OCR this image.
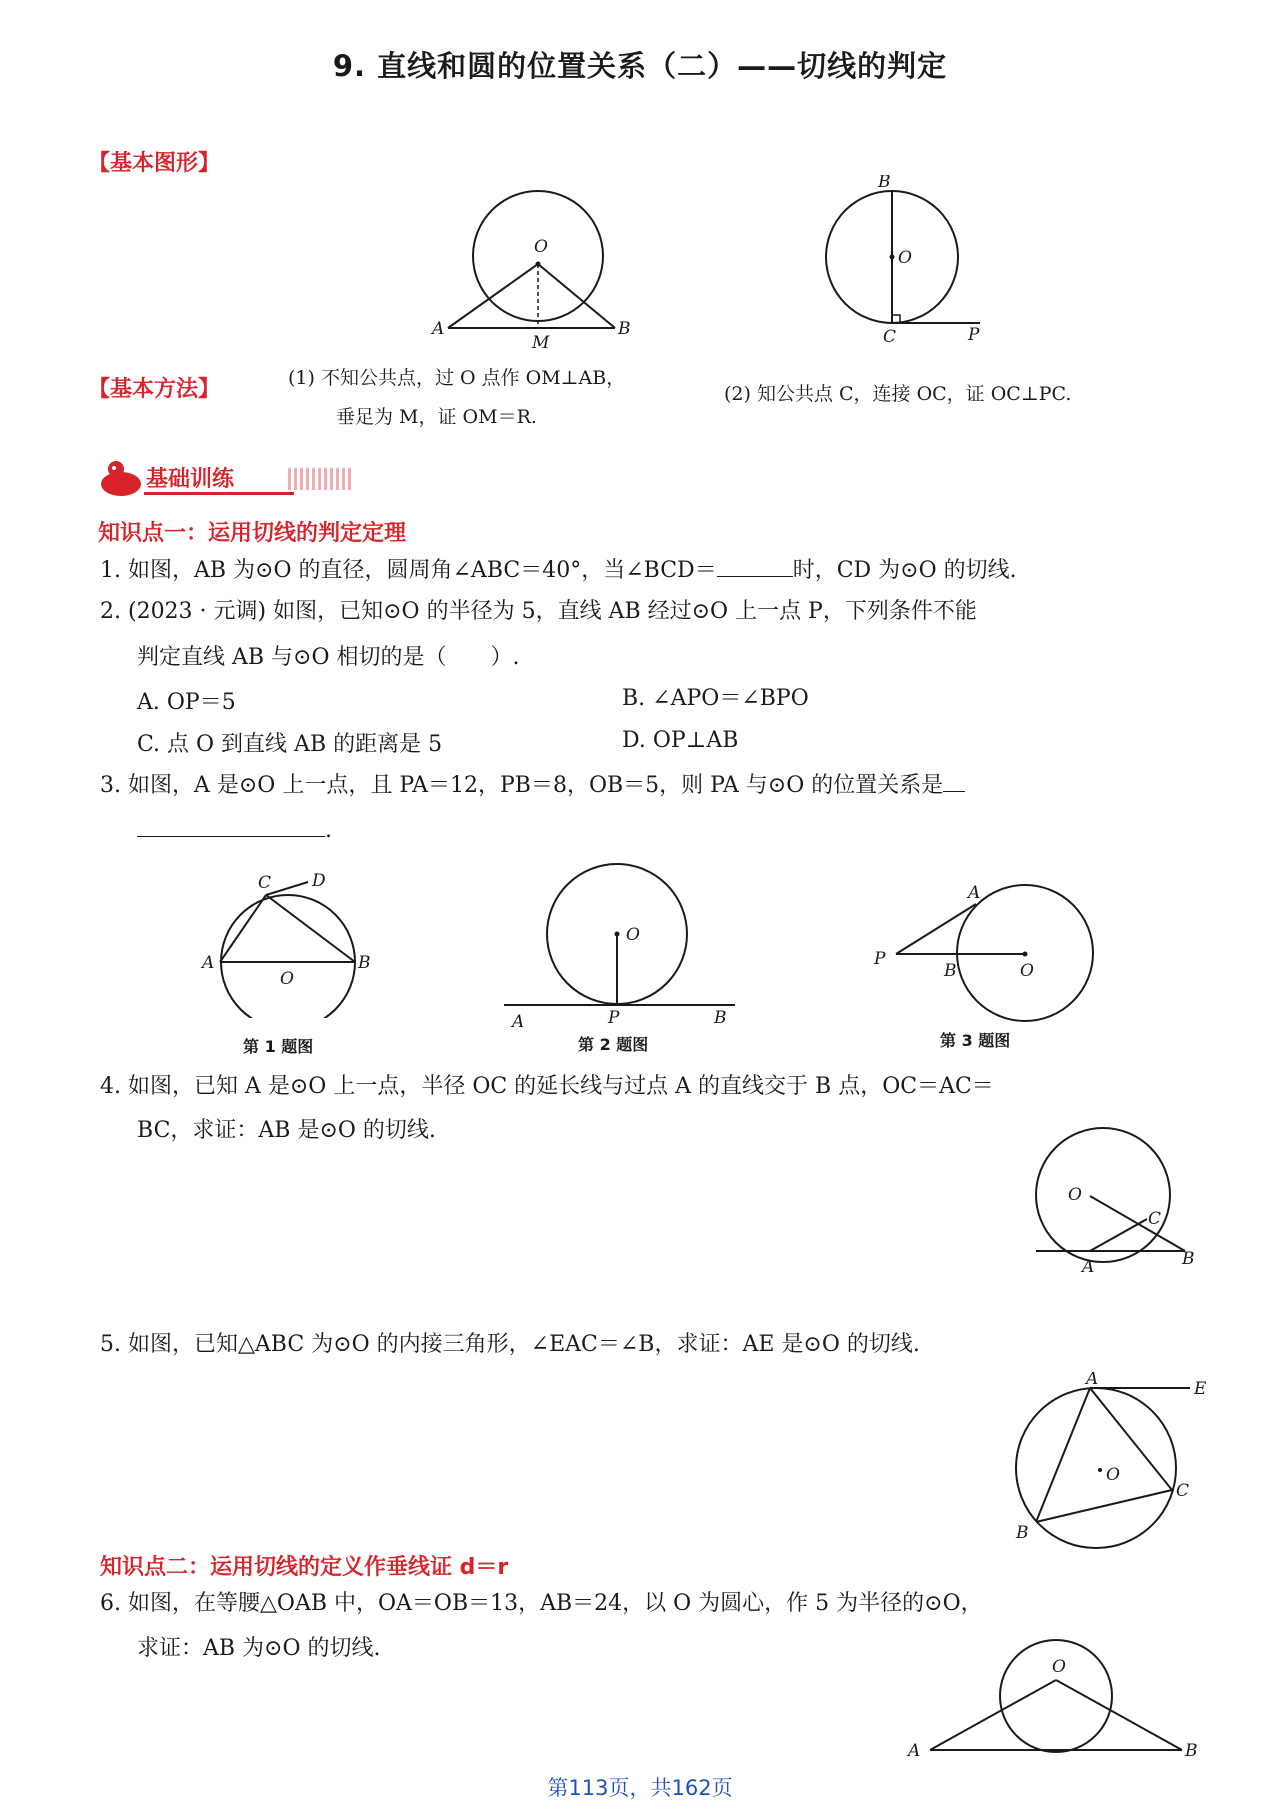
9. 直线和圆的位置关系（二）——切线的判定
【基本图形】
O
A	B
M
B
O
C	P
【基本方法】	(1) 不知公共点，过 O 点作 OM⊥AB，
垂足为 M，证 OM＝R.
(2) 知公共点 C，连接 OC，证 OC⊥PC.
基础训练
知识点一：运用切线的判定定理
1. 如图，AB 为⊙O 的直径，圆周角∠ABC＝40°，当∠BCD＝	时，CD 为⊙O 的切线.
2. (2023 · 元调) 如图，已知⊙O 的半径为 5，直线 AB 经过⊙O 上一点 P，下列条件不能
判定直线 AB 与⊙O 相切的是（　　）.
A. OP＝5	B. ∠APO＝∠BPO
C. 点 O 到直线 AB 的距离是 5	D. OP⊥AB
3. 如图，A 是⊙O 上一点，且 PA＝12，PB＝8，OB＝5，则 PA 与⊙O 的位置关系是
.
C D
A	B
O
第 1 题图
O
P
A	B
第 2 题图
A
P
B	O
第 3 题图
4. 如图，已知 A 是⊙O 上一点，半径 OC 的延长线与过点 A 的直线交于 B 点，OC＝AC＝
BC，求证：AB 是⊙O 的切线.
O
C
A	B
5. 如图，已知△ABC 为⊙O 的内接三角形，∠EAC＝∠B，求证：AE 是⊙O 的切线.
A	E
O
C
B
知识点二：运用切线的定义作垂线证 d＝r
6. 如图，在等腰△OAB 中，OA＝OB＝13，AB＝24，以 O 为圆心，作 5 为半径的⊙O，
求证：AB 为⊙O 的切线.
O
A	B
第113页，共162页
